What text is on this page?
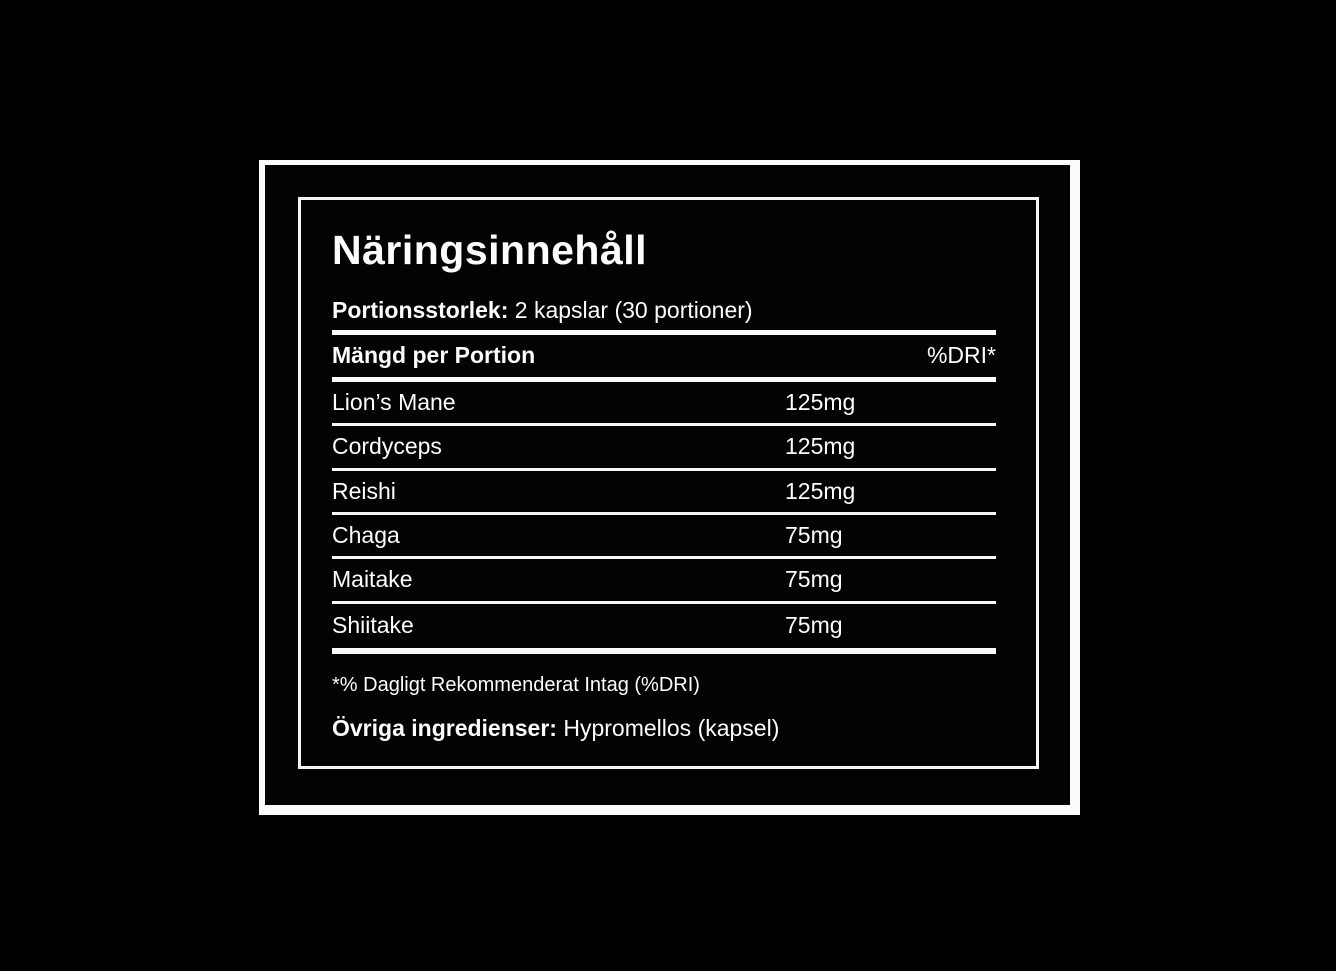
Näringsinnehåll
Portionsstorlek: 2 kapslar (30 portioner)
Mängd per Portion	%DRI*
Lion’s Mane	125mg
Cordyceps	125mg
Reishi	125mg
Chaga	75mg
Maitake	75mg
Shiitake	75mg
*% Dagligt Rekommenderat Intag (%DRI)
Övriga ingredienser: Hypromellos (kapsel)
